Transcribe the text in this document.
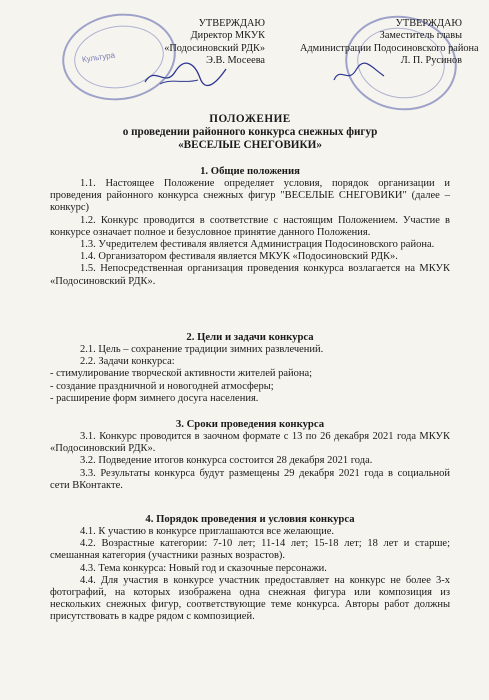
Культура
УТВЕРЖДАЮ
Директор МКУК
«Подосиновский РДК»
Э.В. Мосеева
УТВЕРЖДАЮ
Заместитель главы
Администрации Подосиновского района
Л. П. Русинов
ПОЛОЖЕНИЕ
о проведении районного конкурса снежных фигур
«ВЕСЕЛЫЕ СНЕГОВИКИ»
1. Общие положения

1.1. Настоящее Положение определяет условия, порядок организации и проведения районного конкурса снежных фигур "ВЕСЕЛЫЕ СНЕГОВИКИ" (далее – конкурс)

1.2. Конкурс проводится в соответствие с настоящим Положением. Участие в конкурсе означает полное и безусловное принятие данного Положения.

1.3. Учредителем фестиваля является Администрация Подосиновского района.

1.4. Организатором фестиваля является МКУК «Подосиновский РДК».

1.5. Непосредственная организация проведения конкурса возлагается на МКУК «Подосиновский РДК».

2. Цели и задачи конкурса

2.1. Цель – сохранение традиции зимних развлечений.

2.2. Задачи конкурса:

- стимулирование творческой активности жителей района;

- создание праздничной и новогодней атмосферы;

- расширение форм зимнего досуга населения.

3. Сроки проведения конкурса

3.1. Конкурс проводится в заочном формате с 13 по 26 декабря 2021 года МКУК «Подосиновский РДК».

3.2. Подведение итогов конкурса состоится 28 декабря 2021 года.

3.3. Результаты конкурса будут размещены 29 декабря 2021 года в социальной сети ВКонтакте.

4. Порядок проведения и условия конкурса

4.1. К участию в конкурсе приглашаются все желающие.

4.2. Возрастные категории: 7-10 лет; 11-14 лет; 15-18 лет; 18 лет и старше; смешанная категория (участники разных возрастов).

4.3. Тема конкурса: Новый год и сказочные персонажи.

4.4. Для участия в конкурсе участник предоставляет на конкурс не более 3-х фотографий, на которых изображена одна снежная фигура или композиция из нескольких снежных фигур, соответствующие теме конкурса. Авторы работ должны присутствовать в кадре рядом с композицией.
